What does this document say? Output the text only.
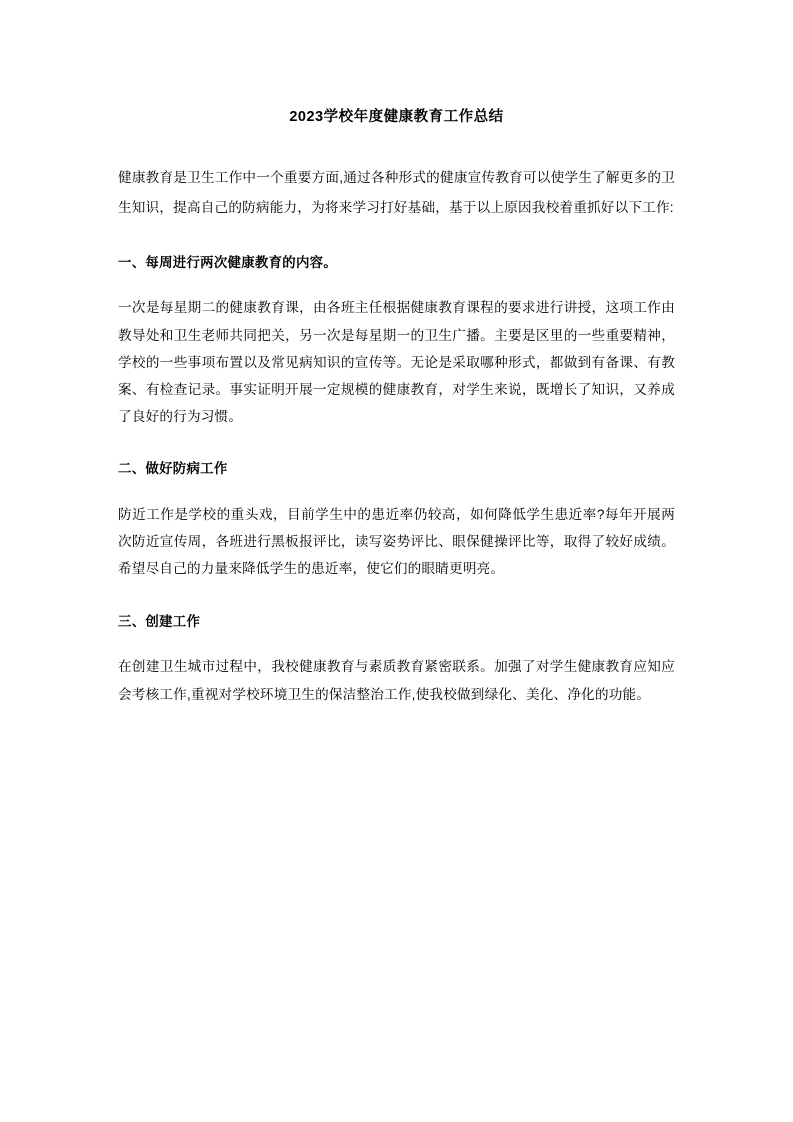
2023学校年度健康教育工作总结

健康教育是卫生工作中一个重要方面,通过各种形式的健康宣传教育可以使学生了解更多的卫生知识，提高自己的防病能力，为将来学习打好基础，基于以上原因我校着重抓好以下工作:

一、每周进行两次健康教育的内容。

一次是每星期二的健康教育课，由各班主任根据健康教育课程的要求进行讲授，这项工作由教导处和卫生老师共同把关，另一次是每星期一的卫生广播。主要是区里的一些重要精神，学校的一些事项布置以及常见病知识的宣传等。无论是采取哪种形式，都做到有备课、有教案、有检查记录。事实证明开展一定规模的健康教育，对学生来说，既增长了知识，又养成了良好的行为习惯。

二、做好防病工作

防近工作是学校的重头戏，目前学生中的患近率仍较高，如何降低学生患近率?每年开展两次防近宣传周，各班进行黑板报评比，读写姿势评比、眼保健操评比等，取得了较好成绩。希望尽自己的力量来降低学生的患近率，使它们的眼睛更明亮。

三、创建工作

在创建卫生城市过程中，我校健康教育与素质教育紧密联系。加强了对学生健康教育应知应会考核工作,重视对学校环境卫生的保洁整治工作,使我校做到绿化、美化、净化的功能。
